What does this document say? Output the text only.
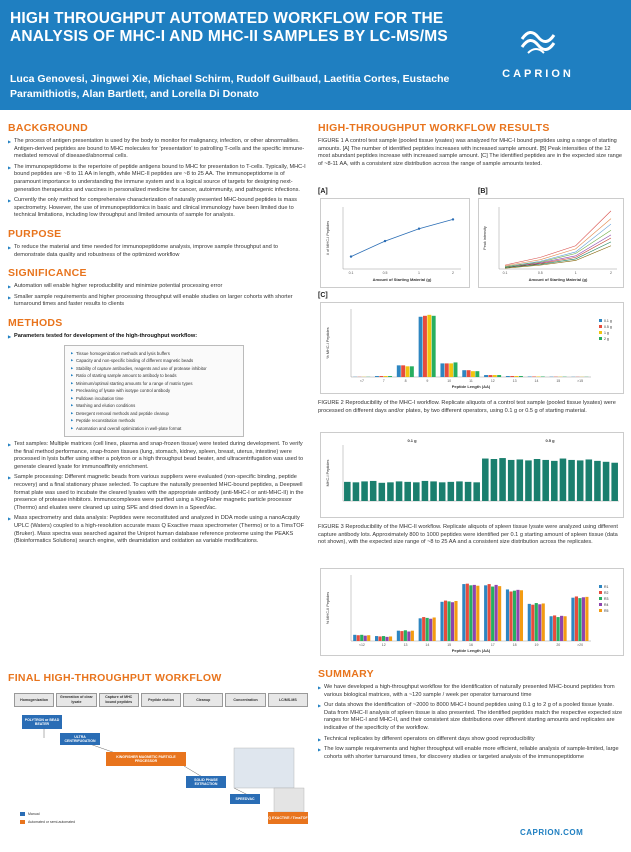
HIGH THROUGHPUT AUTOMATED WORKFLOW FOR THE ANALYSIS OF MHC-I AND MHC-II SAMPLES BY LC-MS/MS
Luca Genovesi, Jingwei Xie, Michael Schirm, Rudolf Guilbaud, Laetitia Cortes, Eustache Paramithiotis, Alan Bartlett, and Lorella Di Donato
CAPRION
BACKGROUND

▶ The process of antigen presentation is used by the body to monitor for malignancy, infection, or other abnormalities. Antigen-derived peptides are bound to MHC molecules for 'presentation' to patrolling T-cells and the specific immune-mediated removal of diseased/abnormal cells.

▶ The immunopeptidome is the repertoire of peptide antigens bound to MHC for presentation to T-cells. Typically, MHC-I bound peptides are ~8 to 11 AA in length, while MHC-II peptides are ~8 to 25 AA. The immunopeptidome is of paramount importance to understanding the immune system and is a logical source of targets for designing next-generation therapeutics and vaccines in personalized medicine for cancer, autoimmunity, and pathogenic infections.

▶ Currently the only method for comprehensive characterization of naturally presented MHC-bound peptides is mass spectrometry. However, the use of immunopeptidomics in basic and clinical immunology have been limited due to technical limitations, including low throughput and limited amounts of sample for analysis.

PURPOSE

▶ To reduce the material and time needed for immunopeptidome analysis, improve sample throughput and to demonstrate data quality and robustness of the optimized workflow

SIGNIFICANCE

▶ Automation will enable higher reproducibility and minimize potential processing error

▶ Smaller sample requirements and higher processing throughput will enable studies on larger cohorts with shorter turnaround times and faster results to clients

METHODS

▶ Parameters tested for development of the high-throughput workflow:

▶ Tissue homogenization methods and lysis buffers
▶ Capacity and non-specific binding of different magnetic beads
▶ Stability of capture antibodies, reagents and use of protease inhibitor
▶ Ratio of starting sample amount to antibody to beads
▶ Minimum/optimal starting amounts for a range of matrix types
▶ Preclearing of lysate with isotype control antibody
▶ Pulldown incubation time
▶ Washing and elution conditions
▶ Detergent removal methods and peptide cleanup
▶ Peptide reconstitution methods
▶ Automation and overall optimization in well-plate format

▶ Test samples: Multiple matrices (cell lines, plasma and snap-frozen tissue) were tested during development. To verify the final method performance, snap-frozen tissues (lung, stomach, kidney, spleen, breast, uterus, intestine) were processed in lysis buffer using either a polytron or a high throughput bead beater, and ultracentrifugation was used to generate cleared lysate for immunoaffinity enrichment.

▶ Sample processing: Different magnetic beads from various suppliers were evaluated (non-specific binding, peptide recovery) and a final stationary phase selected. To capture the naturally presented MHC-bound peptides, a Deepwell format plate was used to incubate the cleared lysates with the appropriate antibody (anti-MHC-I or anti-MHC-II) in the presence of protease inhibitors. Immunocomplexes were purified using a KingFisher magnetic particle processor (Thermo) and eluates were cleaned up using SPE and dried down in a SpeedVac.

▶ Mass spectrometry and data analysis: Peptides were reconstituted and analyzed in DDA mode using a nanoAcquity UPLC (Waters) coupled to a high-resolution accurate mass Q Exactive mass spectrometer (Thermo) or to a TimsTOF (Bruker). Mass spectra was searched against the Uniprot human database reference proteome using the PEAKS (Bioinformatics Solutions) search engine, with deamidation and oxidation as variable modifications.

FINAL HIGH-THROUGHPUT WORKFLOW
Homogenization
Generation of clear lysate
Capture of MHC bound peptides
Peptide elution	Cleanup	Concentration	LC/MS-MS
POLYTRON or BEAD BEATER
ULTRA CENTRIFUGATION
KINGFISHER MAGNETIC PARTICLE PROCESSOR
SOLID PHASE EXTRACTION
SPEEDVAC
Q EXACTIVE / TimsTOF
Manual
Automated or semi-automated
HIGH-THROUGHPUT WORKFLOW RESULTS

FIGURE 1 A control test sample (pooled tissue lysates) was analyzed for MHC-I bound peptides using a range of starting amounts. [A] The number of identified peptides increases with increased sample amount. [B] Peak intensities of the 12 most abundant peptides increase with increased sample amount. [C] The identified peptides are in the expected size range of ~8-11 AA, with a consistent size distribution across the range of sample amounts tested.

[A]	[B]
0.1	0.5	1	2
Amount of Starting Material (g)
# of MHC-I Peptides
0.1	0.5	1	2
Amount of Starting Material (g)
Peak intensity
[C]
<7	7	8	9	10	11	12	13	14	15	>15
Peptide Length (AA)
% MHC-I Peptides
0.1 g
0.5 g
1 g
2 g

FIGURE 2 Reproducibility of the MHC-I workflow. Replicate aliquots of a control test sample (pooled tissue lysates) were processed on different days and/or plates, by two different operators, using 0.1 g or 0.5 g of starting material.

0.1 g	0.5 g
MHC-I Peptides

FIGURE 3 Reproducibility of the MHC-II workflow. Replicate aliquots of spleen tissue lysate were analyzed using different capture antibody lots. Approximately 800 to 1000 peptides were identified per 0.1 g starting amount of spleen tissue (data not shown), with the expected size range of ~8 to 25 AA and a consistent size distribution across the replicates.

<12	12	13	14	15	16	17	18	19	20	>20
Peptide Length (AA)
% MHC-II Peptides
R1
R2
R3
R4
R5
SUMMARY

▶ We have developed a high-throughput workflow for the identification of naturally presented MHC-bound peptides from various biological matrices, with a ~120 sample / week per operator turnaround time

▶ Our data shows the identification of ~2000 to 8000 MHC-I bound peptides using 0.1 g to 2 g of a pooled tissue lysate. Data from MHC-II analysis of spleen tissue is also presented. The identified peptides match the respective expected size ranges for MHC-I and MHC-II, and their consistent size distributions over different starting amounts and replicates are indicative of the specificity of the workflow.

▶ Technical replicates by different operators on different days show good reproducibility

▶ The low sample requirements and higher throughput will enable more efficient, reliable analysis of sample-limited, large cohorts with shorter turnaround times, for discovery studies or targeted analysis of the immunopeptidome

CAPRION.COM
